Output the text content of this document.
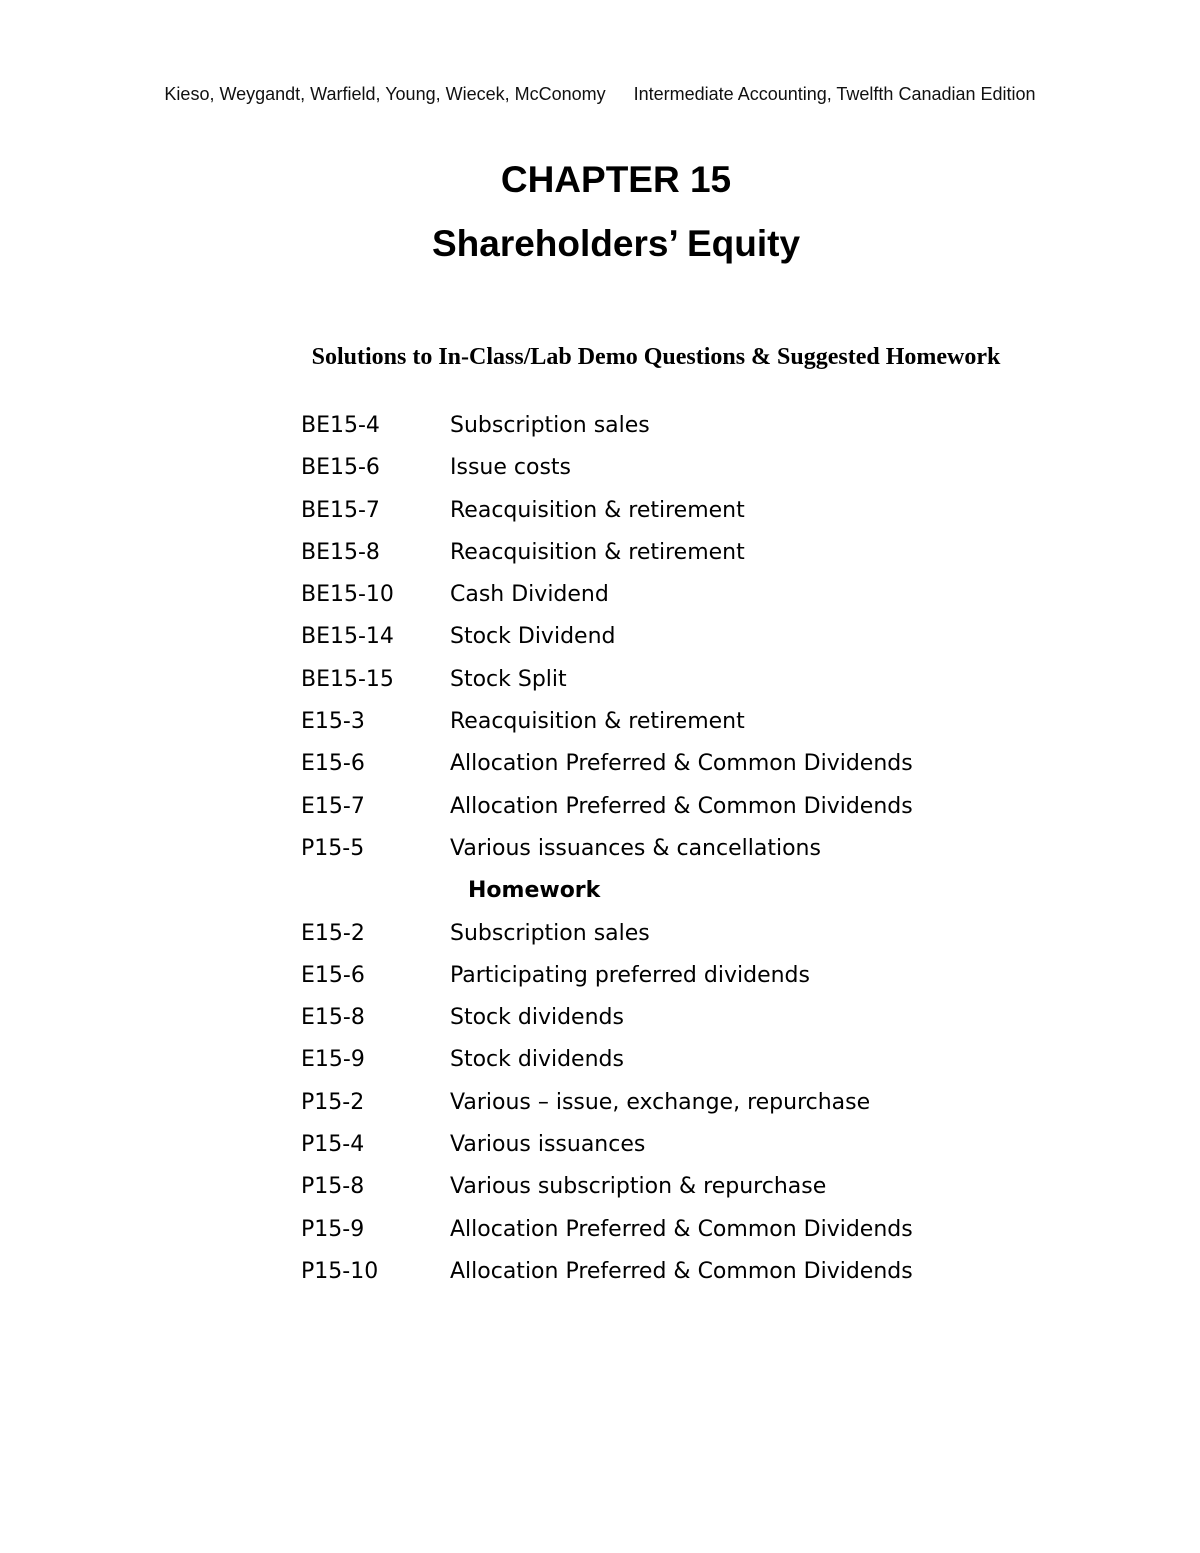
Kieso, Weygandt, Warfield, Young, Wiecek, McConomy Intermediate Accounting, Twelfth Canadian Edition
CHAPTER 15
Shareholders’ Equity
Solutions to In-Class/Lab Demo Questions & Suggested Homework
BE15-4	Subscription sales
BE15-6	Issue costs
BE15-7	Reacquisition & retirement
BE15-8	Reacquisition & retirement
BE15-10	Cash Dividend
BE15-14	Stock Dividend
BE15-15	Stock Split
E15-3	Reacquisition & retirement
E15-6	Allocation Preferred & Common Dividends
E15-7	Allocation Preferred & Common Dividends
P15-5	Various issuances & cancellations
Homework
E15-2	Subscription sales
E15-6	Participating preferred dividends
E15-8	Stock dividends
E15-9	Stock dividends
P15-2	Various – issue, exchange, repurchase
P15-4	Various issuances
P15-8	Various subscription & repurchase
P15-9	Allocation Preferred & Common Dividends
P15-10	Allocation Preferred & Common Dividends
